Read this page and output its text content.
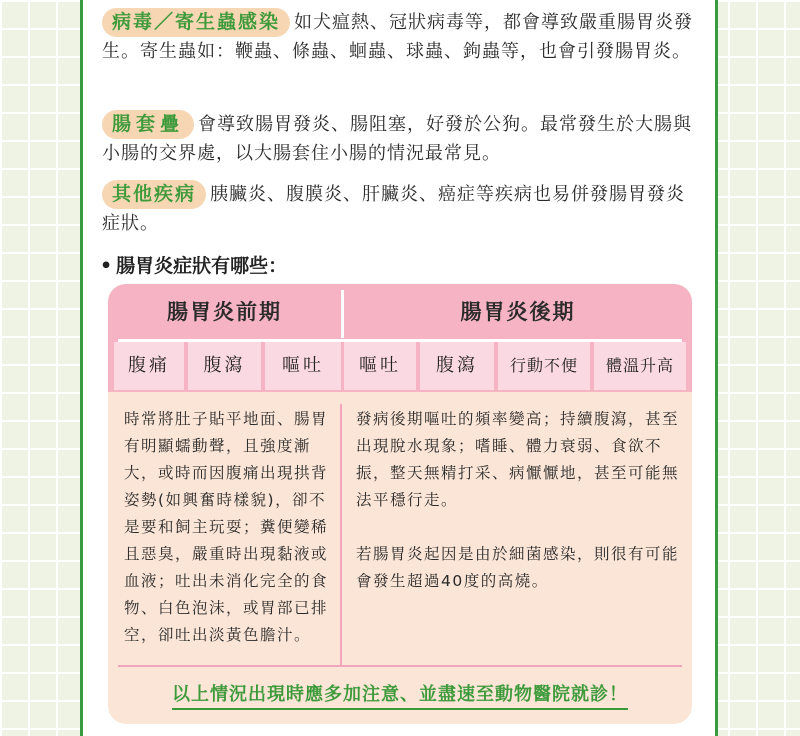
病毒／寄生蟲感染 如犬瘟熱、冠狀病毒等，都會導致嚴重腸胃炎發生。寄生蟲如：鞭蟲、條蟲、蛔蟲、球蟲、鉤蟲等，也會引發腸胃炎。
腸套疊 會導致腸胃發炎、腸阻塞，好發於公狗。最常發生於大腸與小腸的交界處，以大腸套住小腸的情況最常見。
其他疾病 胰臟炎、腹膜炎、肝臟炎、癌症等疾病也易併發腸胃發炎症狀。
• 腸胃炎症狀有哪些：
腸胃炎前期	腸胃炎後期
腹痛	腹瀉	嘔吐	嘔吐	腹瀉	行動不便	體溫升高

時常將肚子貼平地面、腸胃有明顯蠕動聲，且強度漸大，或時而因腹痛出現拱背姿勢(如興奮時樣貌)，卻不是要和飼主玩耍；糞便變稀且惡臭，嚴重時出現黏液或血液；吐出未消化完全的食物、白色泡沫，或胃部已排空，卻吐出淡黃色膽汁。

發病後期嘔吐的頻率變高；持續腹瀉，甚至出現脫水現象；嗜睡、體力衰弱、食欲不振，整天無精打采、病懨懨地，甚至可能無法平穩行走。

若腸胃炎起因是由於細菌感染，則很有可能會發生超過40度的高燒。

以上情況出現時應多加注意、並盡速至動物醫院就診！
